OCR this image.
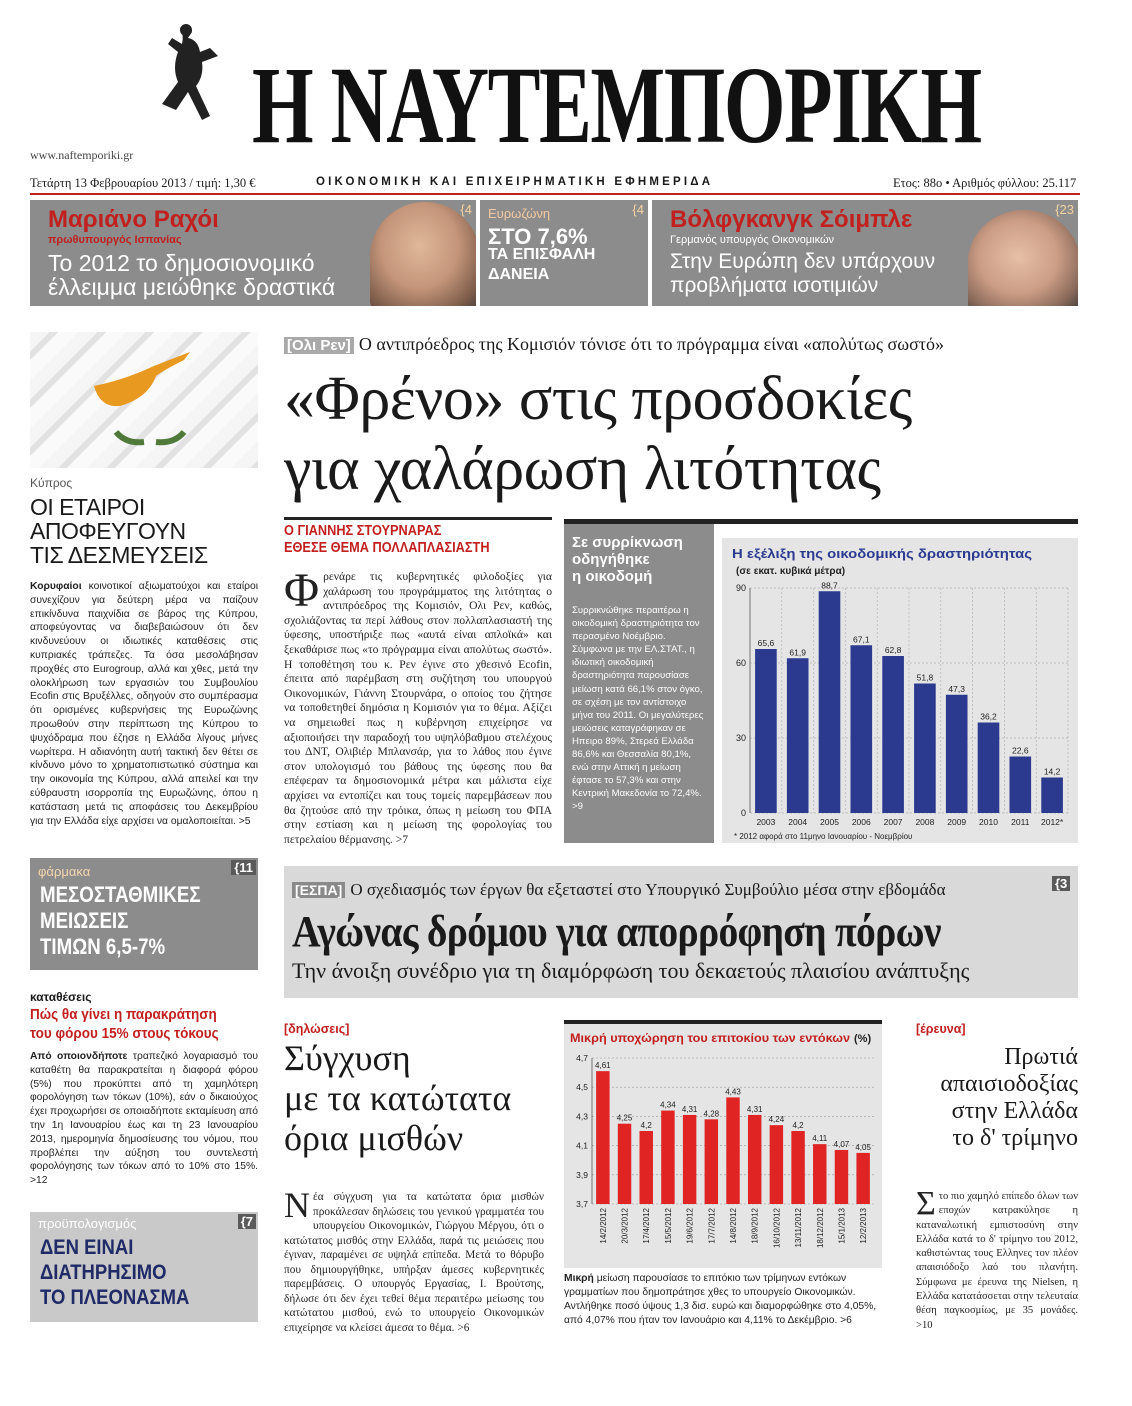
Η ΝΑΥΤΕΜΠΟΡΙΚΗ
www.naftemporiki.gr
Τετάρτη 13 Φεβρουαρίου 2013 / τιμή: 1,30 €	ΟΙΚΟΝΟΜΙΚΗ ΚΑΙ ΕΠΙΧΕΙΡΗΜΑΤΙΚΗ ΕΦΗΜΕΡΙΔΑ	Ετος: 88ο • Αριθμός φύλλου: 25.117
Μαριάνο Ραχόι
πρωθυπουργός Ισπανίας
Το 2012 το δημοσιονομικό
έλλειμμα μειώθηκε δραστικά
{4 Ευρωζώνη
ΣΤΟ 7,6%
ΤΑ ΕΠΙΣΦΑΛΗ
ΔΑΝΕΙΑ
{4 Βόλφγκανγκ Σόιμπλε
Γερμανός υπουργός Οικονομικών
Στην Ευρώπη δεν υπάρχουν
προβλήματα ισοτιμιών
{23
Κύπρος
ΟΙ ΕΤΑΙΡΟΙ
ΑΠΟΦΕΥΓΟΥΝ
ΤΙΣ ΔΕΣΜΕΥΣΕΙΣ

Κορυφαίοι κοινοτικοί αξιωματούχοι και εταίροι συνεχίζουν για δεύτερη μέρα να παίζουν επικίνδυνα παιχνίδια σε βάρος της Κύπρου, αποφεύγοντας να διαβεβαιώσουν ότι δεν κινδυνεύουν οι ιδιωτικές καταθέσεις στις κυπριακές τράπεζες. Τα όσα μεσολάβησαν προχθές στο Eurogroup, αλλά και χθες, μετά την ολοκλήρωση των εργασιών του Συμβουλίου Ecofin στις Βρυξέλλες, οδηγούν στο συμπέρασμα ότι ορισμένες κυβερνήσεις της Ευρωζώνης προωθούν στην περίπτωση της Κύπρου το ψυχόδραμα που έζησε η Ελλάδα λίγους μήνες νωρίτερα. Η αδιανόητη αυτή τακτική δεν θέτει σε κίνδυνο μόνο το χρηματοπιστωτικό σύστημα και την οικονομία της Κύπρου, αλλά απειλεί και την εύθραυστη ισορροπία της Ευρωζώνης, όπου η κατάσταση μετά τις αποφάσεις του Δεκεμβρίου για την Ελλάδα είχε αρχίσει να ομαλοποιείται. >5

φάρμακα
ΜΕΣΟΣΤΑΘΜΙΚΕΣ
ΜΕΙΩΣΕΙΣ
ΤΙΜΩΝ 6,5-7%
{11
καταθέσεις
Πώς θα γίνει η παρακράτηση
του φόρου 15% στους τόκους

Από οποιονδήποτε τραπεζικό λογαριασμό του καταθέτη θα παρακρατείται η διαφορά φόρου (5%) που προκύπτει από τη χαμηλότερη φορολόγηση των τόκων (10%), εάν ο δικαιούχος έχει προχωρήσει σε οποιαδήποτε εκταμίευση από την 1η Ιανουαρίου έως και τη 23 Ιανουαρίου 2013, ημερομηνία δημοσίευσης του νόμου, που προβλέπει την αύξηση του συντελεστή φορολόγησης των τόκων από το 10% στο 15%. >12

προϋπολογισμός
ΔΕΝ ΕΙΝΑΙ
ΔΙΑΤΗΡΗΣΙΜΟ
ΤΟ ΠΛΕΟΝΑΣΜΑ
{7
[Ολι Ρεν] Ο αντιπρόεδρος της Κομισιόν τόνισε ότι το πρόγραμμα είναι «απολύτως σωστό»
«Φρένο» στις προσδοκίες
για χαλάρωση λιτότητας
Ο ΓΙΑΝΝΗΣ ΣΤΟΥΡΝΑΡΑΣ
ΕΘΕΣΕ ΘΕΜΑ ΠΟΛΛΑΠΛΑΣΙΑΣΤΗ

Φρενάρε τις κυβερνητικές φιλοδοξίες για χαλάρωση του προγράμματος της λιτότητας ο αντιπρόεδρος της Κομισιόν, Ολι Ρεν, καθώς, σχολιάζοντας τα περί λάθους στον πολλαπλασιαστή της ύφεσης, υποστήριξε πως «αυτά είναι απλοϊκά» και ξεκαθάρισε πως «το πρόγραμμα είναι απολύτως σωστό». Η τοποθέτηση του κ. Ρεν έγινε στο χθεσινό Ecofin, έπειτα από παρέμβαση στη συζήτηση του υπουργού Οικονομικών, Γιάννη Στουρνάρα, ο οποίος του ζήτησε να τοποθετηθεί δημόσια η Κομισιόν για το θέμα. Αξίζει να σημειωθεί πως η κυβέρνηση επιχείρησε να αξιοποιήσει την παραδοχή του υψηλόβαθμου στελέχους του ΔΝΤ, Ολιβιέρ Μπλανσάρ, για το λάθος που έγινε στον υπολογισμό του βάθους της ύφεσης που θα επέφεραν τα δημοσιονομικά μέτρα και μάλιστα είχε αρχίσει να εντοπίζει και τους τομείς παρεμβάσεων που θα ζητούσε από την τρόικα, όπως η μείωση του ΦΠΑ στην εστίαση και η μείωση της φορολογίας του πετρελαίου θέρμανσης. >7

Σε συρρίκνωση
οδηγήθηκε
η οικοδομή

Συρρικνώθηκε περαιτέρω η οικοδομική δραστηριότητα τον περασμένο Νοέμβριο. Σύμφωνα με την ΕΛ.ΣΤΑΤ., η ιδιωτική οικοδομική δραστηριότητα παρουσίασε μείωση κατά 66,1% στον όγκο, σε σχέση με τον αντίστοιχο μήνα του 2011. Οι μεγαλύτερες μειώσεις καταγράφηκαν σε Ηπειρο 89%, Στερεά Ελλάδα 86,6% και Θεσσαλία 80,1%, ενώ στην Αττική η μείωση έφτασε το 57,3% και στην Κεντρική Μακεδονία το 72,4%. >9

Η εξέλιξη της οικοδομικής δραστηριότητας
(σε εκατ. κυβικά μέτρα)
0
30
60
90
65,6
2003
61,9
2004
88,7
2005
67,1
2006
62,8
2007
51,8
2008
47,3
2009
36,2
2010
22,6
2011
14,2
2012*
* 2012 αφορά στο 11μηνο Ιανουαρίου - Νοεμβρίου
[ΕΣΠΑ] Ο σχεδιασμός των έργων θα εξεταστεί στο Υπουργικό Συμβούλιο μέσα στην εβδομάδα	{3
Αγώνας δρόμου για απορρόφηση πόρων
Την άνοιξη συνέδριο για τη διαμόρφωση του δεκαετούς πλαισίου ανάπτυξης
[δηλώσεις]
Σύγχυση
με τα κατώτατα
όρια μισθών

Νέα σύγχυση για τα κατώτατα όρια μισθών προκάλεσαν δηλώσεις του γενικού γραμματέα του υπουργείου Οικονομικών, Γιώργου Μέργου, ότι ο κατώτατος μισθός στην Ελλάδα, παρά τις μειώσεις που έγιναν, παραμένει σε υψηλά επίπεδα. Μετά το θόρυβο που δημιουργήθηκε, υπήρξαν άμεσες κυβερνητικές παρεμβάσεις. Ο υπουργός Εργασίας, Ι. Βρούτσης, δήλωσε ότι δεν έχει τεθεί θέμα περαιτέρω μείωσης του κατώτατου μισθού, ενώ το υπουργείο Οικονομικών επιχείρησε να κλείσει άμεσα το θέμα. >6

Μικρή υποχώρηση του επιτοκίου των εντόκων (%)
3,7
3,9
4,1
4,3
4,5
4,7
4,61
14/2/2012
4,25
20/3/2012
4,2
17/4/2012
4,34
15/5/2012
4,31
19/6/2012
4,28
17/7/2012
4,43
14/8/2012
4,31
18/9/2012
4,24
16/10/2012
4,2
13/11/2012
4,11
18/12/2012
4,07
15/1/2013
4,05
12/2/2013

Μικρή μείωση παρουσίασε το επιτόκιο των τρίμηνων εντόκων γραμματίων που δημοπράτησε χθες το υπουργείο Οικονομικών. Αντλήθηκε ποσό ύψους 1,3 δισ. ευρώ και διαμορφώθηκε στο 4,05%, από 4,07% που ήταν τον Ιανουάριο και 4,11% το Δεκέμβριο. >6

[έρευνα]
Πρωτιά
απαισιοδοξίας
στην Ελλάδα
το δ' τρίμηνο

Στο πιο χαμηλό επίπεδο όλων των εποχών κατρακύλησε η καταναλωτική εμπιστοσύνη στην Ελλάδα κατά το δ' τρίμηνο του 2012, καθιστώντας τους Ελληνες τον πλέον απαισιόδοξο λαό του πλανήτη. Σύμφωνα με έρευνα της Nielsen, η Ελλάδα κατατάσσεται στην τελευταία θέση παγκοσμίως, με 35 μονάδες. >10
